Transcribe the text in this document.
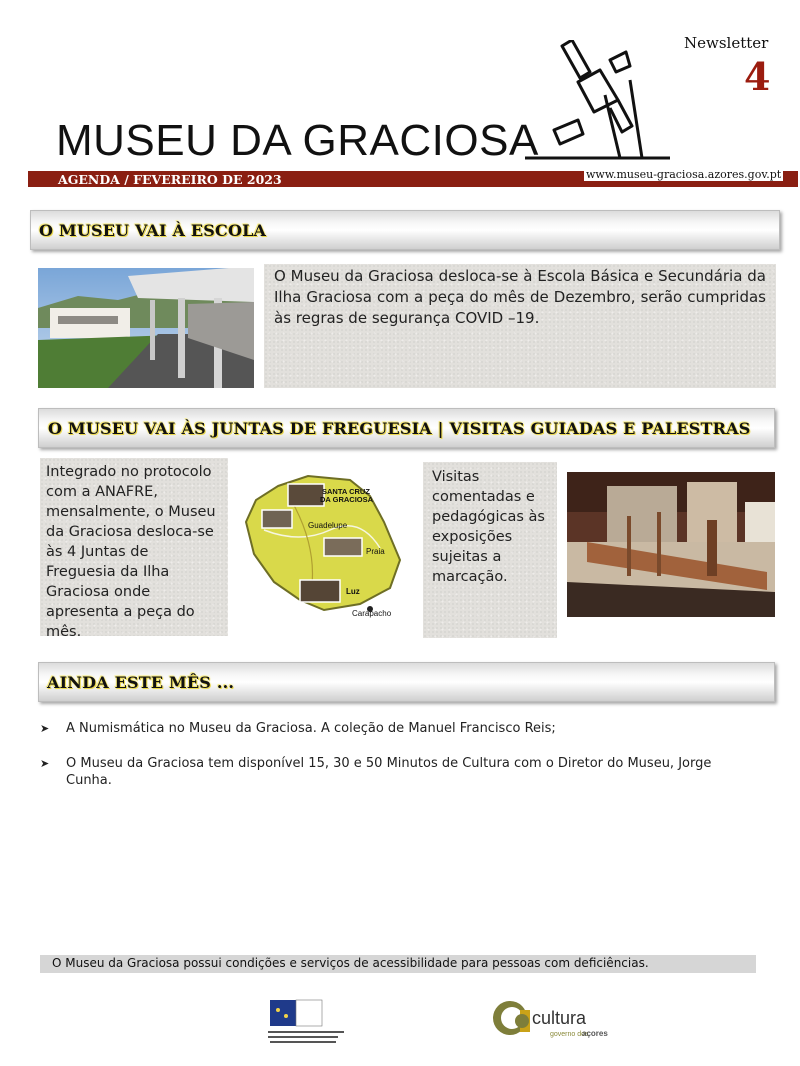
Newsletter
4
MUSEU DA GRACIOSA
AGENDA / FEVEREIRO DE 2023	www.museu-graciosa.azores.gov.pt
O MUSEU VAI À ESCOLA
O Museu da Graciosa desloca-se à Escola Básica e Secundária da Ilha Graciosa com a peça do mês de Dezembro, serão cumpridas às regras de segurança COVID –19.
O MUSEU VAI ÀS JUNTAS DE FREGUESIA | VISITAS GUIADAS E PALESTRAS
Integrado no protocolo com a ANAFRE, mensalmente, o Museu da Graciosa desloca-se às 4 Juntas de Freguesia da Ilha Graciosa onde apresenta a peça do mês.
SANTA CRUZ
DA GRACIOSA
Guadelupe
Praia
Luz
Carapacho
Visitas comentadas e pedagógicas às exposições sujeitas a marcação.
AINDA ESTE MÊS ...
➤ A Numismática no Museu da Graciosa. A coleção de Manuel Francisco Reis;
➤ O Museu da Graciosa tem disponível 15, 30 e 50 Minutos de Cultura com o Diretor do Museu, Jorge Cunha.
O Museu da Graciosa possui condições e serviços de acessibilidade para pessoas com deficiências.
cultura
governo dos
açores
